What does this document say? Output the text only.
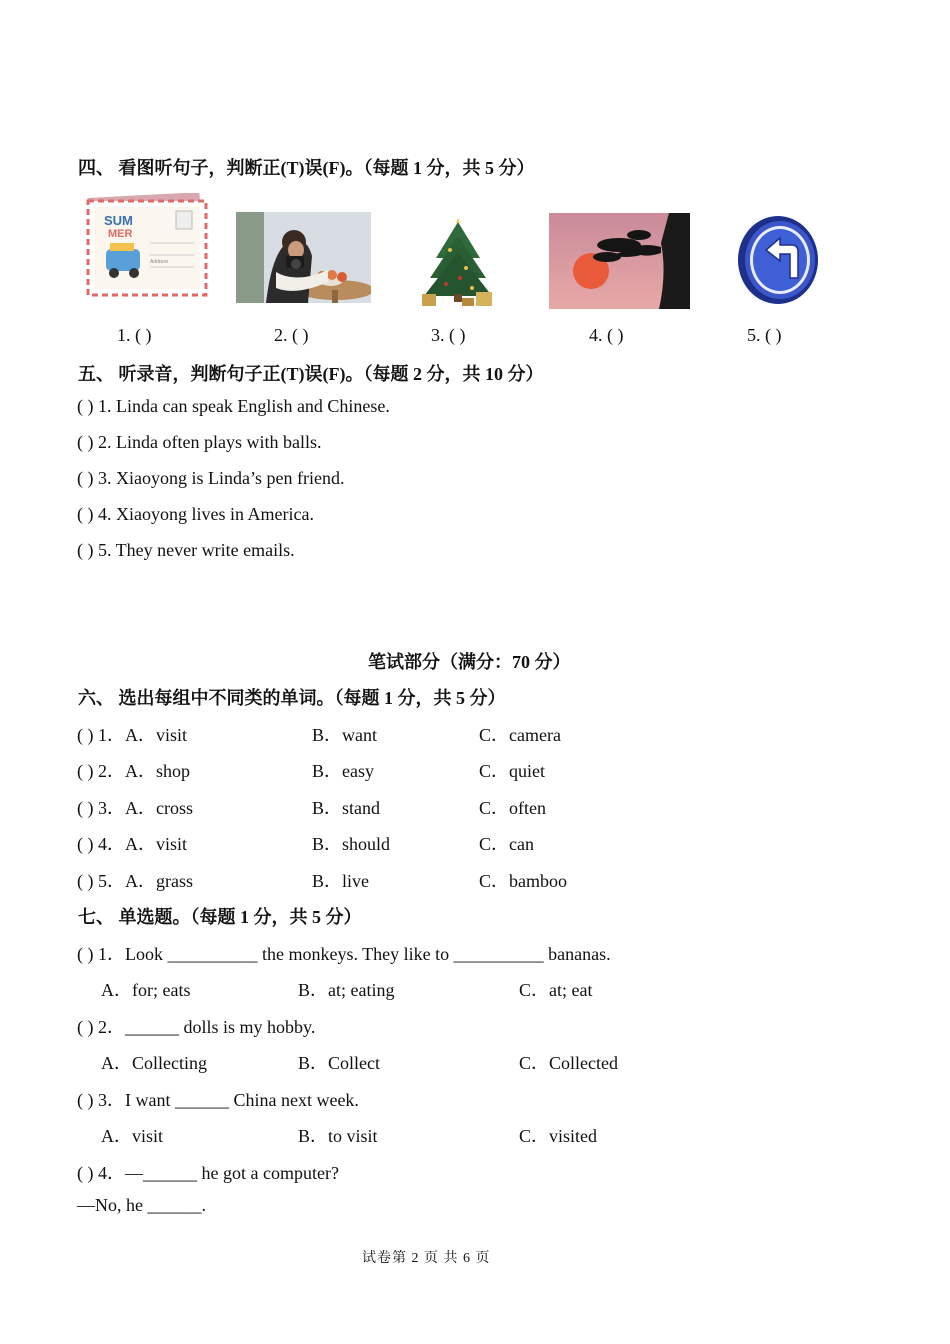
四、 看图听句子，判断正(T)误(F)。（每题 1 分，共 5 分）
SUM
MER
Address
1. ( )	2. ( )	3. ( )	4. ( )	5. ( )
五、 听录音，判断句子正(T)误(F)。（每题 2 分，共 10 分）
( ) 1. Linda can speak English and Chinese.
( ) 2. Linda often plays with balls.
( ) 3. Xiaoyong is Linda’s pen friend.
( ) 4. Xiaoyong lives in America.
( ) 5. They never write emails.
笔试部分（满分：70 分）
六、 选出每组中不同类的单词。（每题 1 分，共 5 分）
( ) 1．A．visit	B．want	C．camera
( ) 2．A．shop	B．easy	C．quiet
( ) 3．A．cross	B．stand	C．often
( ) 4．A．visit	B．should	C．can
( ) 5．A．grass	B．live	C．bamboo
七、 单选题。（每题 1 分，共 5 分）
( ) 1．Look __________ the monkeys. They like to __________ bananas.
A．for; eats	B．at; eating	C．at; eat
( ) 2．______ dolls is my hobby.
A．Collecting	B．Collect	C．Collected
( ) 3．I want ______ China next week.
A．visit	B．to visit	C．visited
( ) 4．—______ he got a computer?
—No, he ______.
试卷第 2 页 共 6 页
